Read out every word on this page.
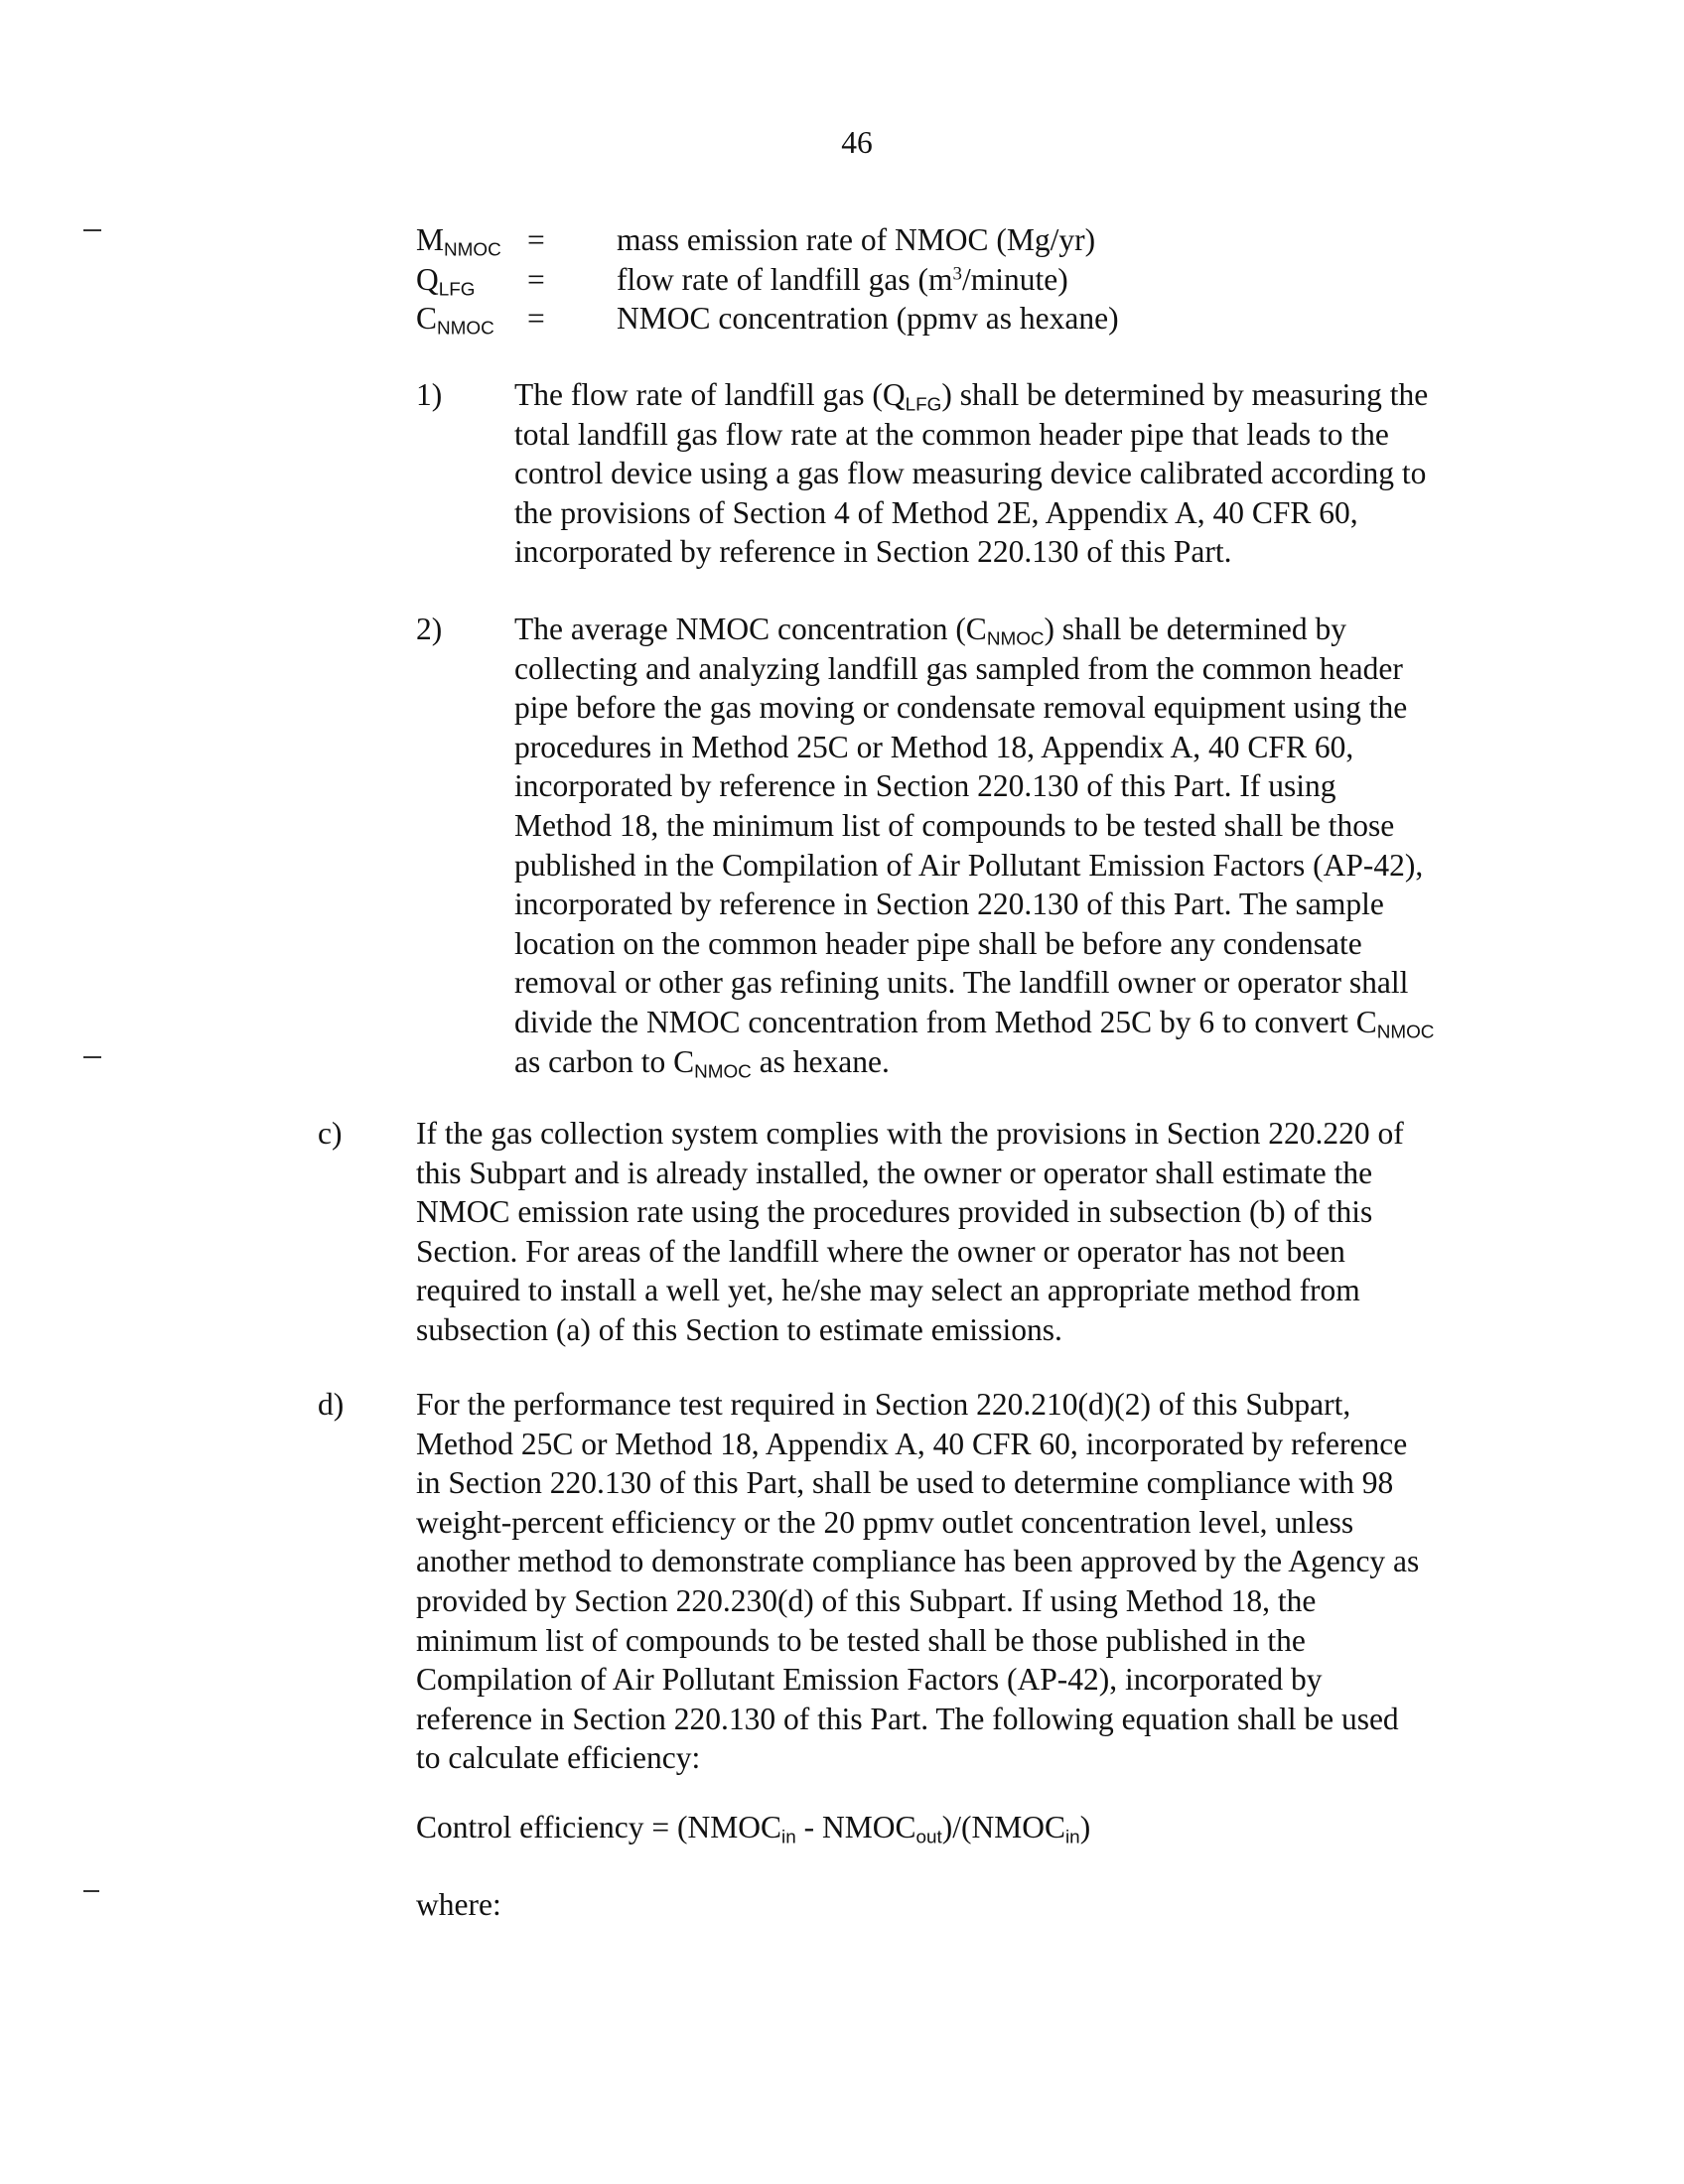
46

$M_{NMOC}$ =	mass emission rate of NMOC (Mg/yr)
$Q_{LFG}$	=	flow rate of landfill gas $(m^3/minute)$
$C_{NMOC}$	=	NMOC concentration (ppmv as hexane)
1) The flow rate of landfill gas $(Q_{LFG})$ shall be determined by measuring the
total landfill gas flow rate at the common header pipe that leads to the
control device using a gas flow measuring device calibrated according to
the provisions of Section 4 of Method 2E, Appendix A, 40 CFR 60,
incorporated by reference in Section 220.130 of this Part.
2) The average NMOC concentration $(C_{NMOC})$ shall be determined by
collecting and analyzing landfill gas sampled from the common header
pipe before the gas moving or condensate removal equipment using the
procedures in Method 25C or Method 18, Appendix A, 40 CFR 60,
incorporated by reference in Section 220.130 of this Part. If using
Method 18, the minimum list of compounds to be tested shall be those
published in the Compilation of Air Pollutant Emission Factors (AP-42),
incorporated by reference in Section 220.130 of this Part. The sample
location on the common header pipe shall be before any condensate
removal or other gas refining units. The landfill owner or operator shall
divide the NMOC concentration from Method 25C by 6 to convert $C_{NMOC}$
as carbon to $C_{NMOC}$ as hexane.
c) If the gas collection system complies with the provisions in Section 220.220 of
this Subpart and is already installed, the owner or operator shall estimate the
NMOC emission rate using the procedures provided in subsection (b) of this
Section. For areas of the landfill where the owner or operator has not been
required to install a well yet, he/she may select an appropriate method from
subsection (a) of this Section to estimate emissions.
d) For the performance test required in Section 220.210(d)(2) of this Subpart,
Method 25C or Method 18, Appendix A, 40 CFR 60, incorporated by reference
in Section 220.130 of this Part, shall be used to determine compliance with 98
weight-percent efficiency or the 20 ppmv outlet concentration level, unless
another method to demonstrate compliance has been approved by the Agency as
provided by Section 220.230(d) of this Subpart. If using Method 18, the
minimum list of compounds to be tested shall be those published in the
Compilation of Air Pollutant Emission Factors (AP-42), incorporated by
reference in Section 220.130 of this Part. The following equation shall be used
to calculate efficiency:

Control efficiency = ($NMOC_{in}$ - $NMOC_{out})/(NMOC_{in})$

where:
